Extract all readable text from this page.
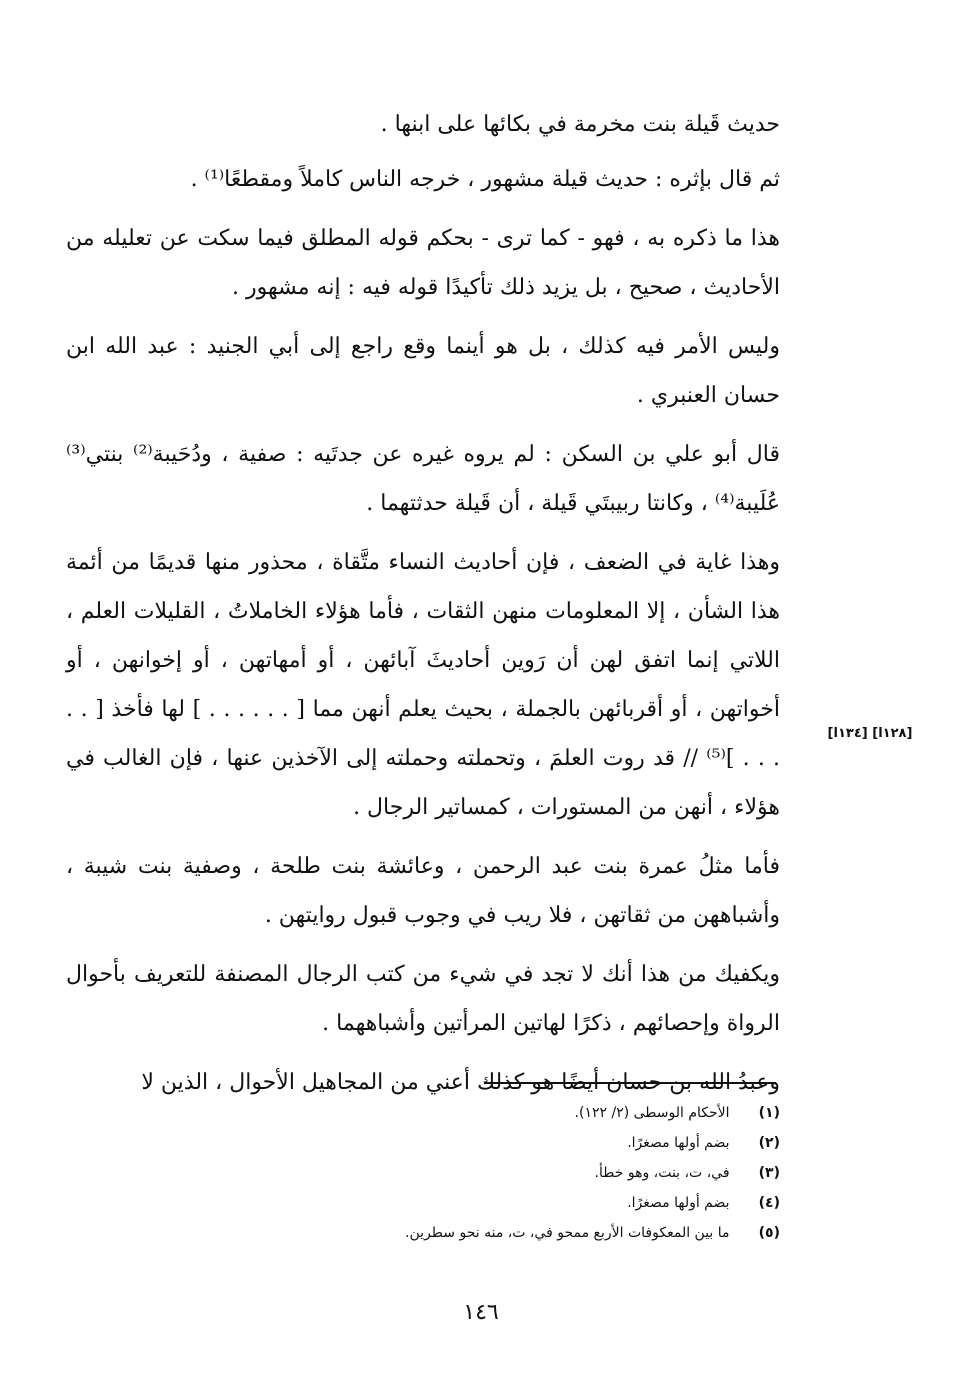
حديث قَيلة بنت مخرمة في بكائها على ابنها .

ثم قال بإثره : حديث قيلة مشهور ، خرجه الناس كاملاً ومقطعًا⁽¹⁾ .

هذا ما ذكره به ، فهو - كما ترى - بحكم قوله المطلق فيما سكت عن تعليله من الأحاديث ، صحيح ، بل يزيد ذلك تأكيدًا قوله فيه : إنه مشهور .

وليس الأمر فيه كذلك ، بل هو أينما وقع راجع إلى أبي الجنيد : عبد الله ابن حسان العنبري .

قال أبو علي بن السكن : لم يروه غيره عن جدتَيه : صفية ، ودُحَيبة⁽²⁾ بنتي⁽³⁾ عُلَيبة⁽⁴⁾ ، وكانتا ربيبتَي قَيلة ، أن قَيلة حدثتهما .

وهذا غاية في الضعف ، فإن أحاديث النساء متَّقاة ، محذور منها قديمًا من أئمة هذا الشأن ، إلا المعلومات منهن الثقات ، فأما هؤلاء الخاملاتُ ، القليلات العلم ، اللاتي إنما اتفق لهن أن رَوين أحاديثَ آبائهن ، أو أمهاتهن ، أو إخوانهن ، أو أخواتهن ، أو أقربائهن بالجملة ، بحيث يعلم أنهن مما [ . . . . . . ] لها فأخذ [ . . . . . ]⁽⁵⁾ // قد روت العلمَ ، وتحملته وحملته إلى الآخذين عنها ، فإن الغالب في هؤلاء ، أنهن من المستورات ، كمساتير الرجال .

فأما مثلُ عمرة بنت عبد الرحمن ، وعائشة بنت طلحة ، وصفية بنت شيبة ، وأشباههن من ثقاتهن ، فلا ريب في وجوب قبول روايتهن .

ويكفيك من هذا أنك لا تجد في شيء من كتب الرجال المصنفة للتعريف بأحوال الرواة وإحصائهم ، ذكرًا لهاتين المرأتين وأشباههما .

وعبدُ الله بن حسان أيضًا هو كذلك أعني من المجاهيل الأحوال ، الذين لا

[١٣٤ا] [١٢٨ا]
(١) الأحكام الوسطى (٢/ ١٢٢).
(٢) بضم أولها مصغرًا.
(٣) في، ت، بنت، وهو خطأ.
(٤) بضم أولها مصغرًا.
(٥) ما بين المعكوفات الأربع ممحو في، ت، منه نحو سطرين.
١٤٦
